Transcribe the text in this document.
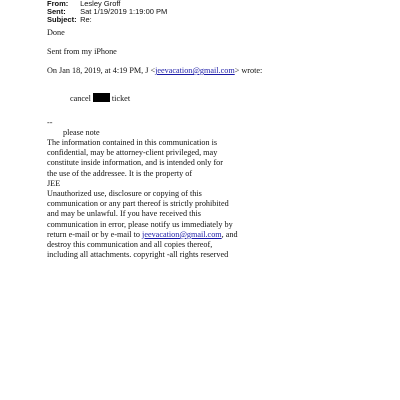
From: Lesley Groff
Sent: Sat 1/19/2019 1:19:00 PM
Subject: Re:
Done
Sent from my iPhone
On Jan 18, 2019, at 4:19 PM, J <jeevacation@gmail.com> wrote:
cancel	ticket
--
please note
The information contained in this communication is
confidential, may be attorney-client privileged, may
constitute inside information, and is intended only for
the use of the addressee. It is the property of
JEE
Unauthorized use, disclosure or copying of this
communication or any part thereof is strictly prohibited
and may be unlawful. If you have received this
communication in error, please notify us immediately by
return e-mail or by e-mail to jeevacation@gmail.com, and
destroy this communication and all copies thereof,
including all attachments. copyright -all rights reserved
